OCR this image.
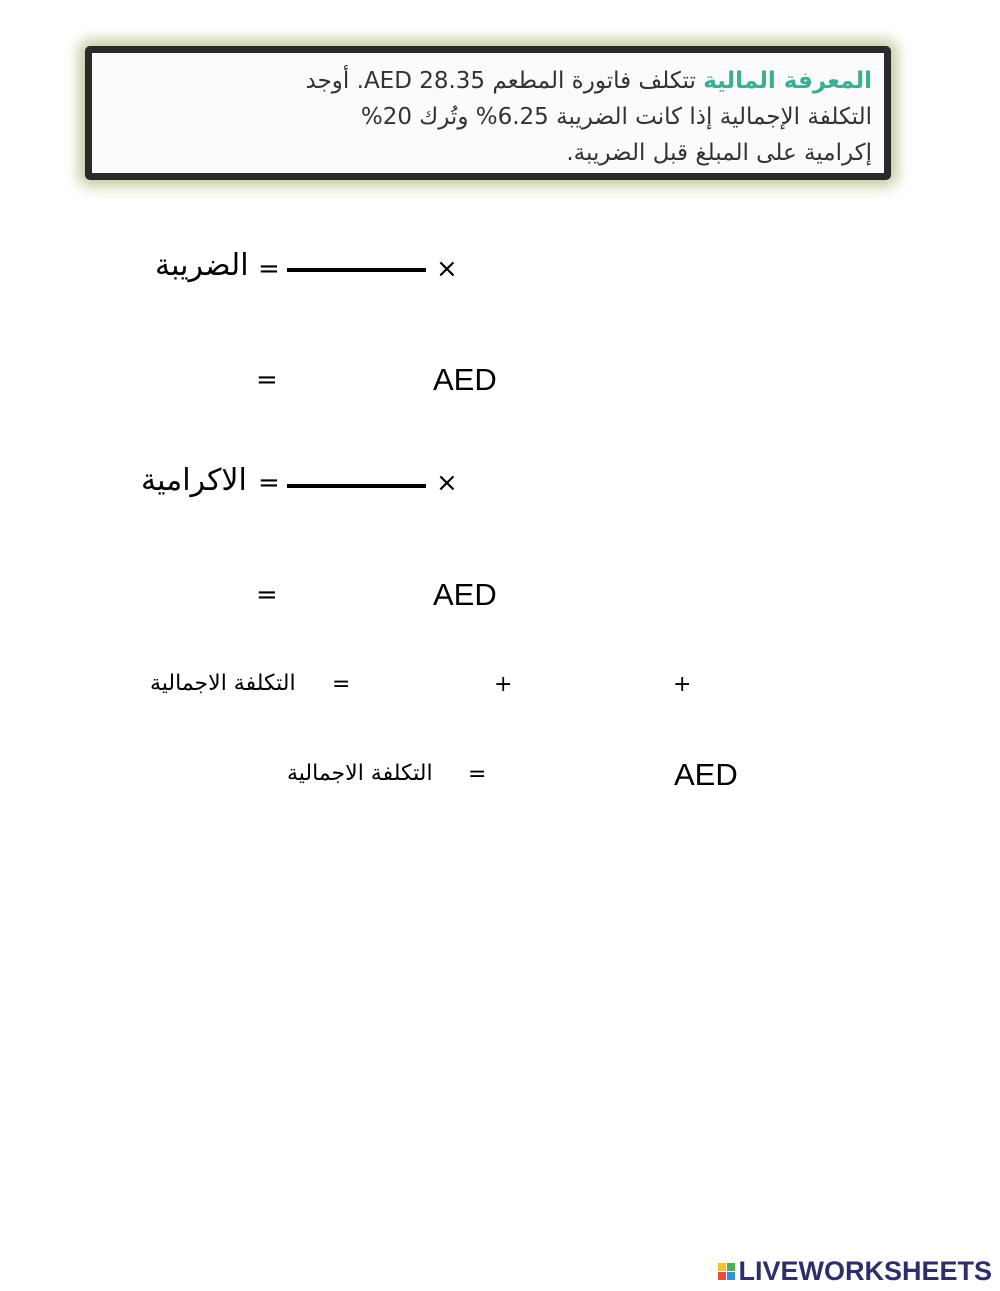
المعرفة المالية تتكلف فاتورة المطعم AED 28.35. أوجد
التكلفة الإجمالية إذا كانت الضريبة 6.25% وتُرك 20%
إكرامية على المبلغ قبل الضريبة.
الضريبة =	×
=	AED
الاكرامية =	×
=	AED
التكلفة الاجمالية =	+	+
التكلفة الاجمالية =	AED
LIVEWORKSHEETS
